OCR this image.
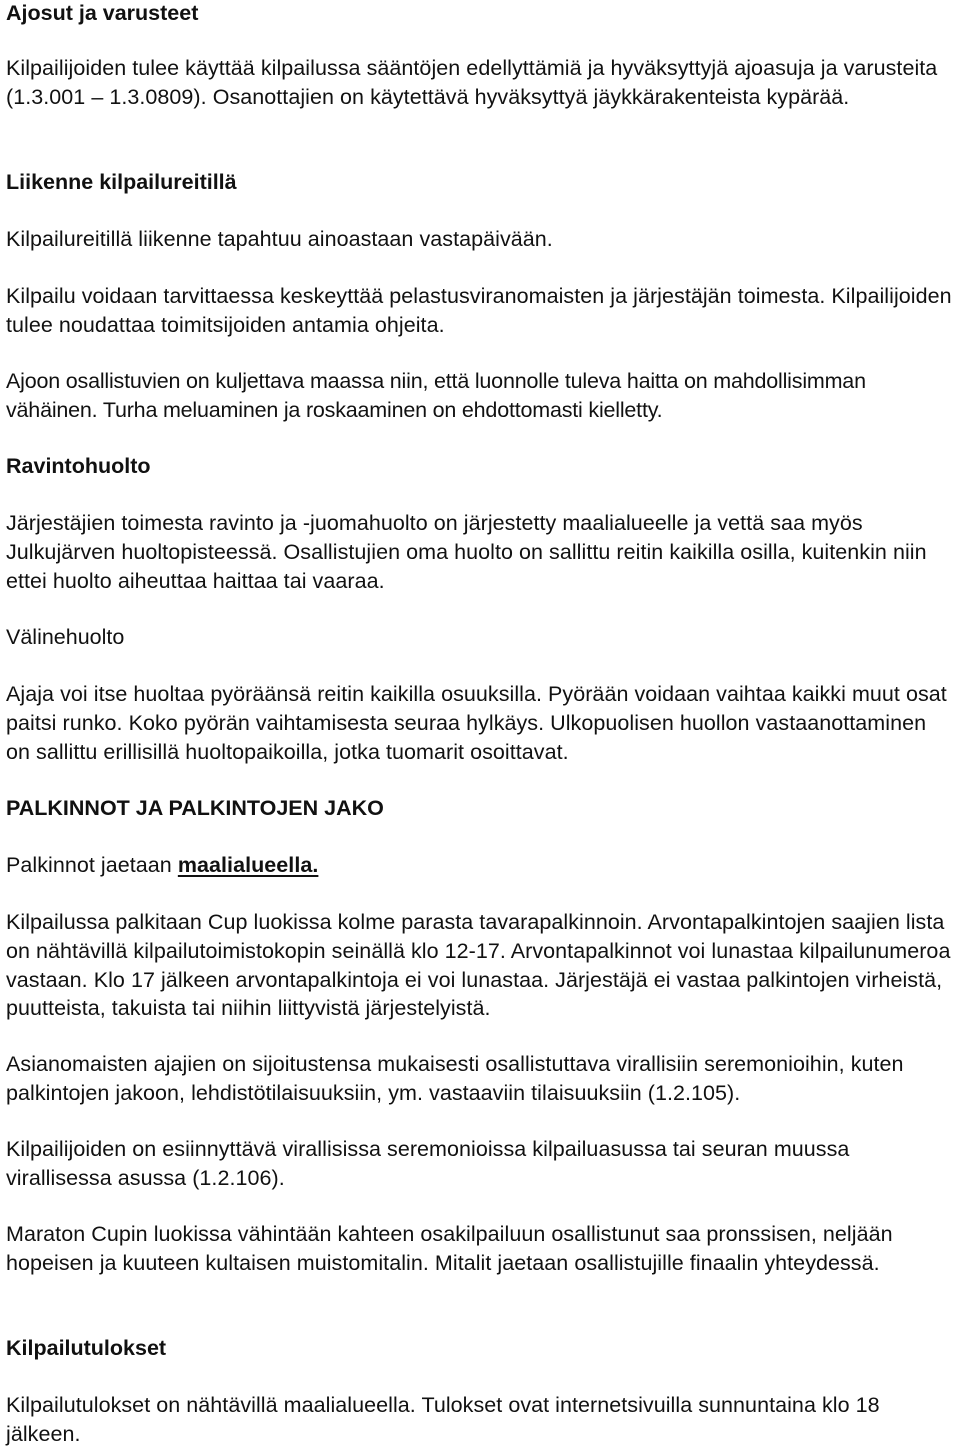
Ajosut ja varusteet

Kilpailijoiden tulee käyttää kilpailussa sääntöjen edellyttämiä ja hyväksyttyjä ajoasuja ja varusteita (1.3.001 – 1.3.0809). Osanottajien on käytettävä hyväksyttyä jäykkärakenteista kypärää.

Liikenne kilpailureitillä

Kilpailureitillä liikenne tapahtuu ainoastaan vastapäivään.

Kilpailu voidaan tarvittaessa keskeyttää pelastusviranomaisten ja järjestäjän toimesta. Kilpailijoiden tulee noudattaa toimitsijoiden antamia ohjeita.

Ajoon osallistuvien on kuljettava maassa niin, että luonnolle tuleva haitta on mahdollisimman vähäinen. Turha meluaminen ja roskaaminen on ehdottomasti kielletty.

Ravintohuolto

Järjestäjien toimesta ravinto ja -juomahuolto on järjestetty maalialueelle ja vettä saa myös Julkujärven huoltopisteessä. Osallistujien oma huolto on sallittu reitin kaikilla osilla, kuitenkin niin ettei huolto aiheuttaa haittaa tai vaaraa.

Välinehuolto

Ajaja voi itse huoltaa pyöräänsä reitin kaikilla osuuksilla. Pyörään voidaan vaihtaa kaikki muut osat paitsi runko. Koko pyörän vaihtamisesta seuraa hylkäys. Ulkopuolisen huollon vastaanottaminen on sallittu erillisillä huoltopaikoilla, jotka tuomarit osoittavat.

PALKINNOT JA PALKINTOJEN JAKO

Palkinnot jaetaan maalialueella.

Kilpailussa palkitaan Cup luokissa kolme parasta tavarapalkinnoin. Arvontapalkintojen saajien lista on nähtävillä kilpailutoimistokopin seinällä klo 12-17. Arvontapalkinnot voi lunastaa kilpailunumeroa vastaan. Klo 17 jälkeen arvontapalkintoja ei voi lunastaa. Järjestäjä ei vastaa palkintojen virheistä, puutteista, takuista tai niihin liittyvistä järjestelyistä.

Asianomaisten ajajien on sijoitustensa mukaisesti osallistuttava virallisiin seremonioihin, kuten palkintojen jakoon, lehdistötilaisuuksiin, ym. vastaaviin tilaisuuksiin (1.2.105).

Kilpailijoiden on esiinnyttävä virallisissa seremonioissa kilpailuasussa tai seuran muussa virallisessa asussa (1.2.106).

Maraton Cupin luokissa vähintään kahteen osakilpailuun osallistunut saa pronssisen, neljään hopeisen ja kuuteen kultaisen muistomitalin. Mitalit jaetaan osallistujille finaalin yhteydessä.

Kilpailutulokset

Kilpailutulokset on nähtävillä maalialueella. Tulokset ovat internetsivuilla sunnuntaina klo 18 jälkeen.
